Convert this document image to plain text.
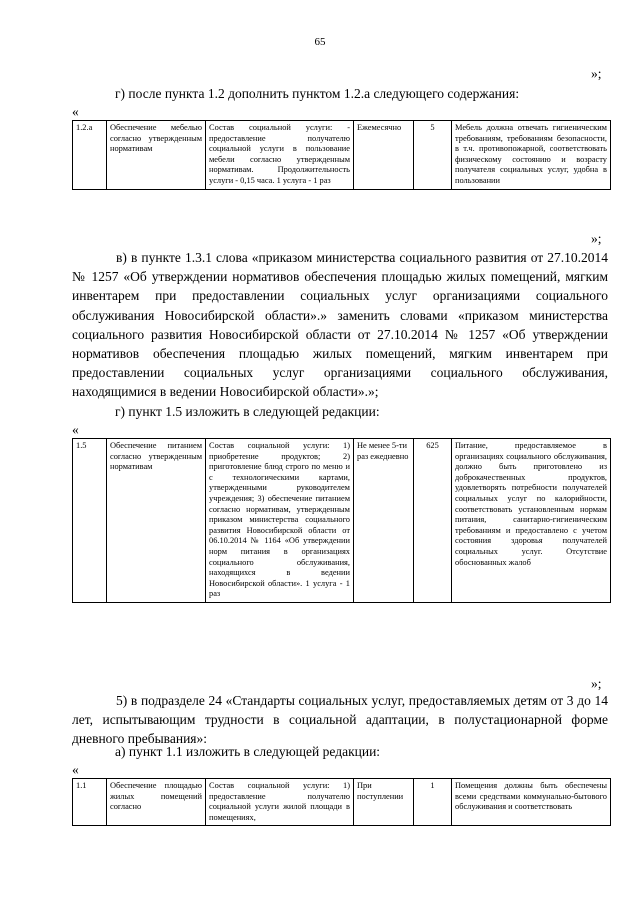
65
»;
г) после пункта 1.2 дополнить пунктом 1.2.а следующего содержания:
«
1.2.а	Обеспечение мебелью согласно утвержденным нормативам	Состав социальной услуги: - предоставление получателю социальной услуги в пользование мебели согласно утвержденным нормативам. Продолжительность услуги - 0,15 часа. 1 услуга - 1 раз	Ежемесячно	5	Мебель должна отвечать гигиеническим требованиям, требованиям безопасности, в т.ч. противопожарной, соответствовать физическому состоянию и возрасту получателя социальных услуг, удобна в пользовании
»;
в) в пункте 1.3.1 слова «приказом министерства социального развития от 27.10.2014 № 1257 «Об утверждении нормативов обеспечения площадью жилых помещений, мягким инвентарем при предоставлении социальных услуг организациями социального обслуживания Новосибирской области».» заменить словами «приказом министерства социального развития Новосибирской области от 27.10.2014 № 1257 «Об утверждении нормативов обеспечения площадью жилых помещений, мягким инвентарем при предоставлении социальных услуг организациями социального обслуживания, находящимися в ведении Новосибирской области».»;
г) пункт 1.5 изложить в следующей редакции:
«
1.5	Обеспечение питанием согласно утвержденным нормативам	Состав социальной услуги: 1) приобретение продуктов; 2) приготовление блюд строго по меню и с технологическими картами, утвержденными руководителем учреждения; 3) обеспечение питанием согласно нормативам, утвержденным приказом министерства социального развития Новосибирской области от 06.10.2014 № 1164 «Об утверждении норм питания в организациях социального обслуживания, находящихся в ведении Новосибирской области». 1 услуга - 1 раз	Не менее 5-ти раз ежедневно	625	Питание, предоставляемое в организациях социального обслуживания, должно быть приготовлено из доброкачественных продуктов, удовлетворять потребности получателей социальных услуг по калорийности, соответствовать установленным нормам питания, санитарно-гигиеническим требованиям и предоставлено с учетом состояния здоровья получателей социальных услуг. Отсутствие обоснованных жалоб
»;
5) в подразделе 24 «Стандарты социальных услуг, предоставляемых детям от 3 до 14 лет, испытывающим трудности в социальной адаптации, в полустационарной форме дневного пребывания»:
а) пункт 1.1 изложить в следующей редакции:
«
1.1	Обеспечение площадью жилых помещений согласно	Состав социальной услуги: 1) предоставление получателю социальной услуги жилой площади в помещениях,	При поступлении	1	Помещения должны быть обеспечены всеми средствами коммунально-бытового обслуживания и соответствовать
